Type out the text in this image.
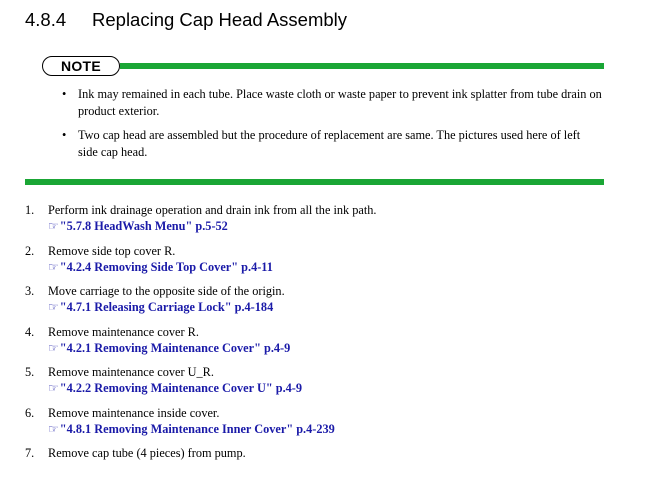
4.8.4 Replacing Cap Head Assembly
NOTE
• Ink may remained in each tube. Place waste cloth or waste paper to prevent ink splatter from tube drain on product exterior.
• Two cap head are assembled but the procedure of replacement are same. The pictures used here of left side cap head.
1. Perform ink drainage operation and drain ink from all the ink path.
☞"5.7.8 HeadWash Menu" p.5-52
2. Remove side top cover R.
☞"4.2.4 Removing Side Top Cover" p.4-11
3. Move carriage to the opposite side of the origin.
☞"4.7.1 Releasing Carriage Lock" p.4-184
4. Remove maintenance cover R.
☞"4.2.1 Removing Maintenance Cover" p.4-9
5. Remove maintenance cover U_R.
☞"4.2.2 Removing Maintenance Cover U" p.4-9
6. Remove maintenance inside cover.
☞"4.8.1 Removing Maintenance Inner Cover" p.4-239
7. Remove cap tube (4 pieces) from pump.
